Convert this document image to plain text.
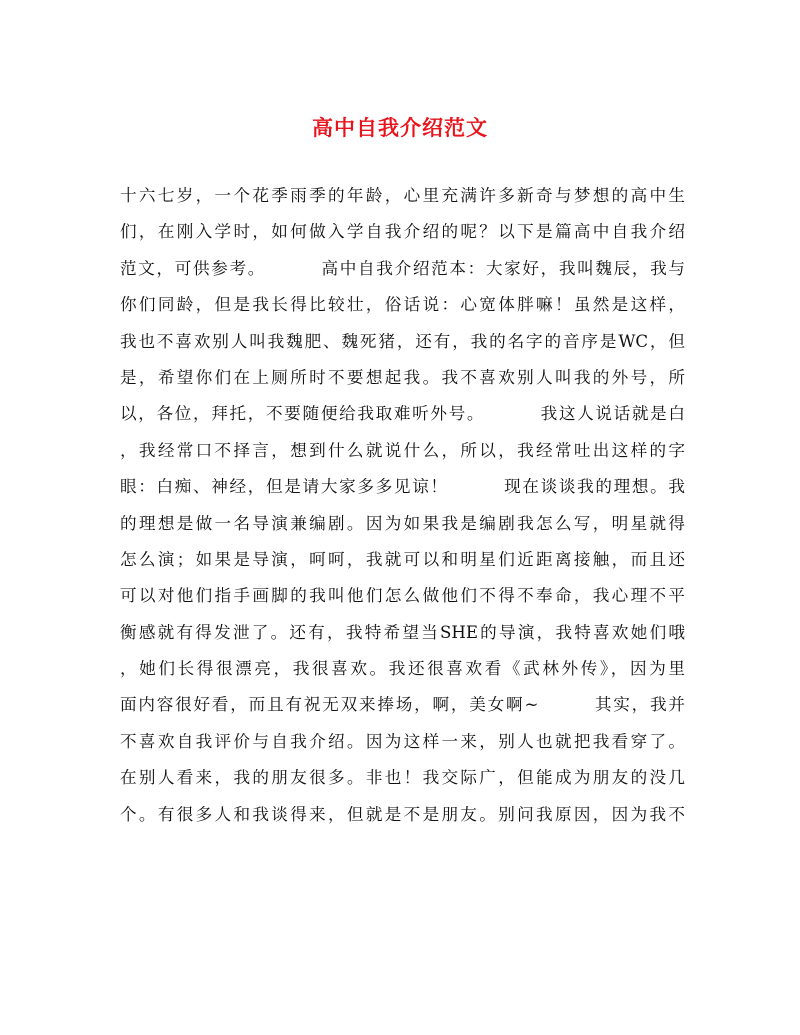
高中自我介绍范文
十六七岁，一个花季雨季的年龄，心里充满许多新奇与梦想的高中生
们，在刚入学时，如何做入学自我介绍的呢？以下是篇高中自我介绍
范文，可供参考。        高中自我介绍范本：大家好，我叫魏辰，我与
你们同龄，但是我长得比较壮，俗话说：心宽体胖嘛！虽然是这样，
我也不喜欢别人叫我魏肥、魏死猪，还有，我的名字的音序是WC，但
是，希望你们在上厕所时不要想起我。我不喜欢别人叫我的外号，所
以，各位，拜托，不要随便给我取难听外号。        我这人说话就是白
，我经常口不择言，想到什么就说什么，所以，我经常吐出这样的字
眼：白痴、神经，但是请大家多多见谅！        现在谈谈我的理想。我
的理想是做一名导演兼编剧。因为如果我是编剧我怎么写，明星就得
怎么演；如果是导演，呵呵，我就可以和明星们近距离接触，而且还
可以对他们指手画脚的我叫他们怎么做他们不得不奉命，我心理不平
衡感就有得发泄了。还有，我特希望当SHE的导演，我特喜欢她们哦
，她们长得很漂亮，我很喜欢。我还很喜欢看《武林外传》，因为里
面内容很好看，而且有祝无双来捧场，啊，美女啊~        其实，我并
不喜欢自我评价与自我介绍。因为这样一来，别人也就把我看穿了。
在别人看来，我的朋友很多。非也！我交际广，但能成为朋友的没几
个。有很多人和我谈得来，但就是不是朋友。别问我原因，因为我不
